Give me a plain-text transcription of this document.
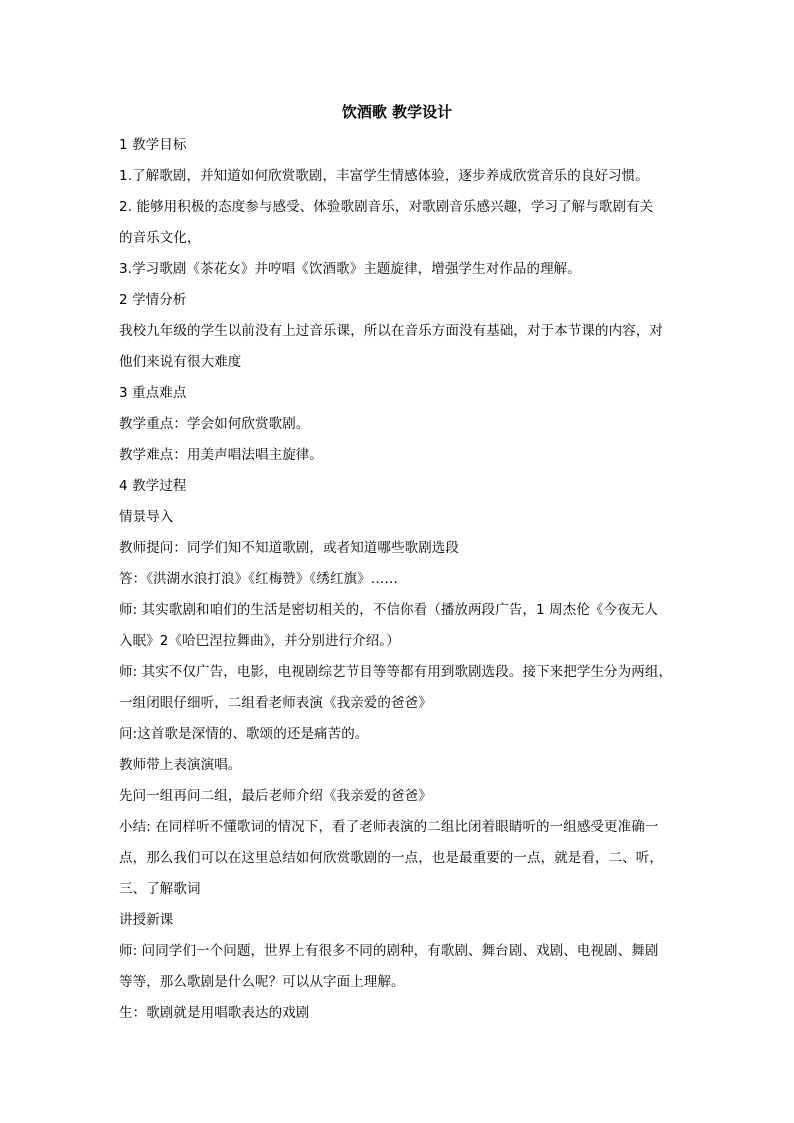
饮酒歌 教学设计
1 教学目标
1.了解歌剧，并知道如何欣赏歌剧，丰富学生情感体验，逐步养成欣赏音乐的良好习惯。
2. 能够用积极的态度参与感受、体验歌剧音乐，对歌剧音乐感兴趣，学习了解与歌剧有关
的音乐文化，
3.学习歌剧《茶花女》并哼唱《饮酒歌》主题旋律，增强学生对作品的理解。
2 学情分析
我校九年级的学生以前没有上过音乐课，所以在音乐方面没有基础，对于本节课的内容，对
他们来说有很大难度
3 重点难点
教学重点：学会如何欣赏歌剧。
教学难点：用美声唱法唱主旋律。
4 教学过程
情景导入
教师提问：同学们知不知道歌剧，或者知道哪些歌剧选段
答：《洪湖水浪打浪》《红梅赞》《绣红旗》……
师: 其实歌剧和咱们的生活是密切相关的，不信你看（播放两段广告，1 周杰伦《今夜无人
入眠》2《哈巴涅拉舞曲》，并分别进行介绍。）
师: 其实不仅广告，电影，电视剧综艺节目等等都有用到歌剧选段。接下来把学生分为两组，
一组闭眼仔细听，二组看老师表演《我亲爱的爸爸》
问:这首歌是深情的、歌颂的还是痛苦的。
教师带上表演演唱。
先问一组再问二组，最后老师介绍《我亲爱的爸爸》
小结: 在同样听不懂歌词的情况下，看了老师表演的二组比闭着眼睛听的一组感受更准确一
点，那么我们可以在这里总结如何欣赏歌剧的一点，也是最重要的一点，就是看，二、听，
三、了解歌词
讲授新课
师: 问同学们一个问题，世界上有很多不同的剧种，有歌剧、舞台剧、戏剧、电视剧、舞剧
等等，那么歌剧是什么呢？可以从字面上理解。
生：歌剧就是用唱歌表达的戏剧
